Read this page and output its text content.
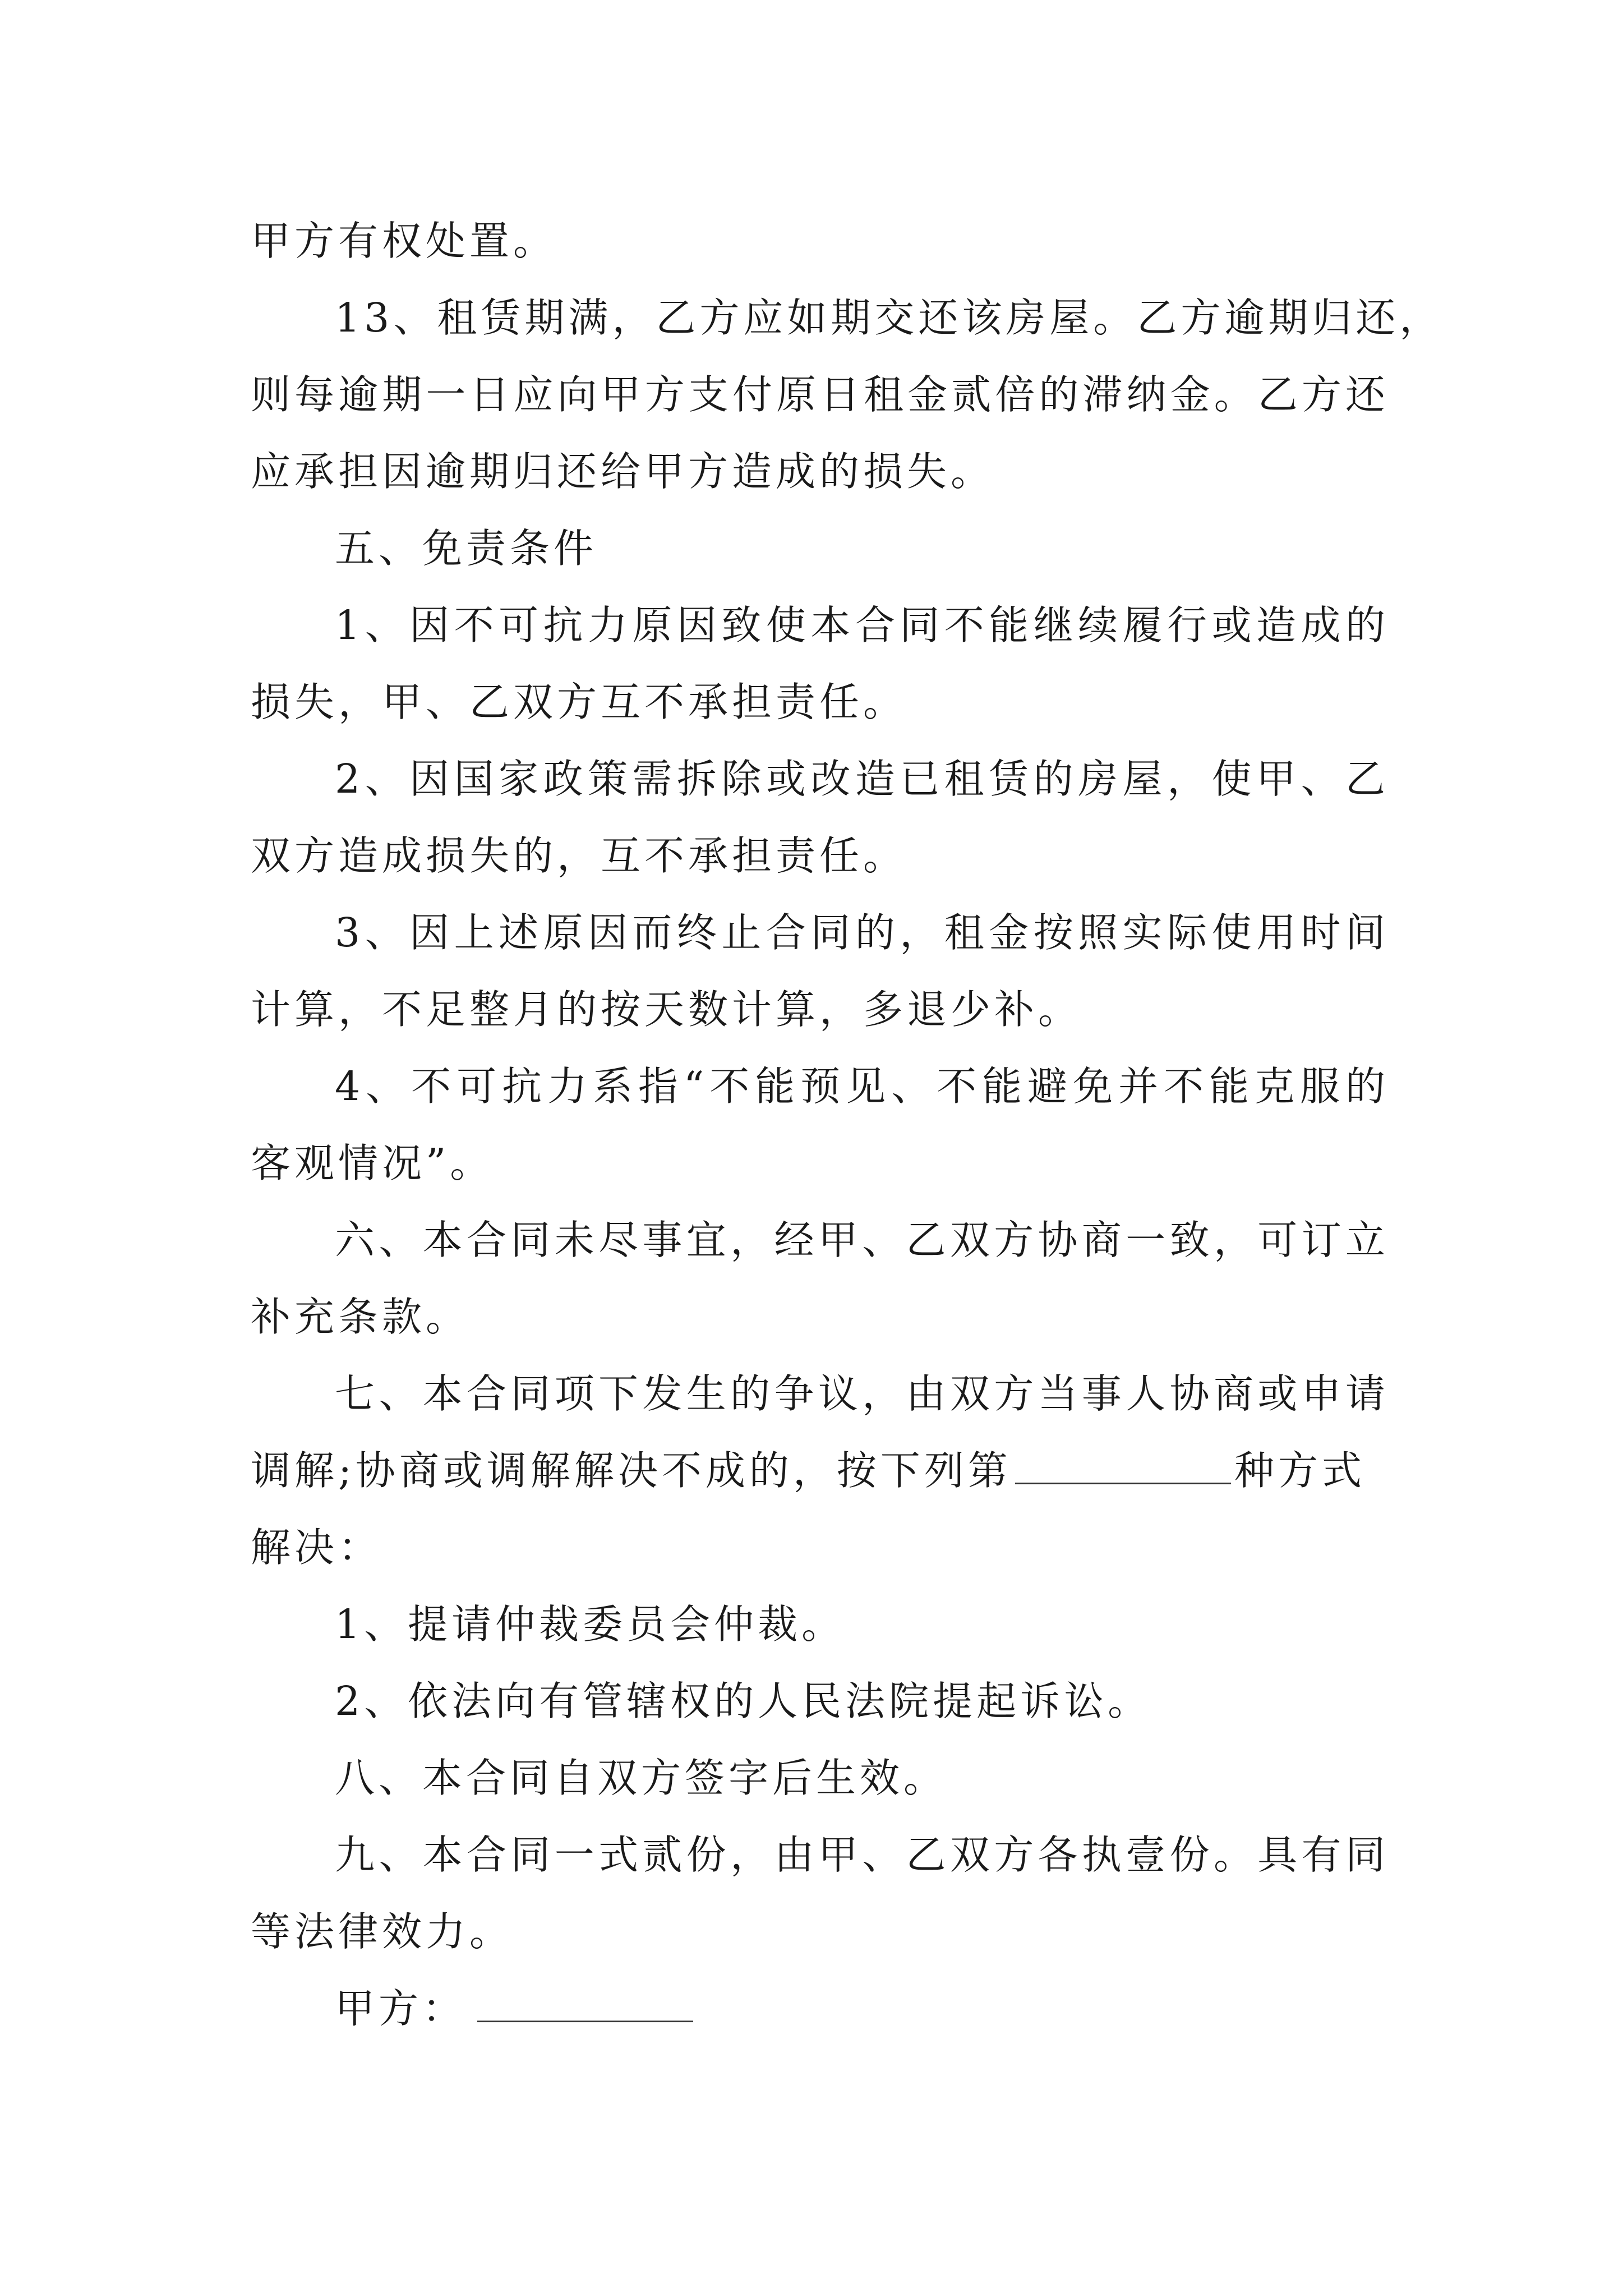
甲方有权处置。
13、租赁期满，乙方应如期交还该房屋。乙方逾期归还，
则每逾期一日应向甲方支付原日租金贰倍的滞纳金。乙方还
应承担因逾期归还给甲方造成的损失。
五、免责条件
1、因不可抗力原因致使本合同不能继续履行或造成的
损失，甲、乙双方互不承担责任。
2、因国家政策需拆除或改造已租赁的房屋，使甲、乙
双方造成损失的，互不承担责任。
3、因上述原因而终止合同的，租金按照实际使用时间
计算，不足整月的按天数计算，多退少补。
4、不可抗力系指“不能预见、不能避免并不能克服的
客观情况”。
六、本合同未尽事宜，经甲、乙双方协商一致，可订立
补充条款。
七、本合同项下发生的争议，由双方当事人协商或申请
调解;协商或调解解决不成的，按下列第	种方式
解决：
1、提请仲裁委员会仲裁。
2、依法向有管辖权的人民法院提起诉讼。
八、本合同自双方签字后生效。
九、本合同一式贰份，由甲、乙双方各执壹份。具有同
等法律效力。
甲方：
